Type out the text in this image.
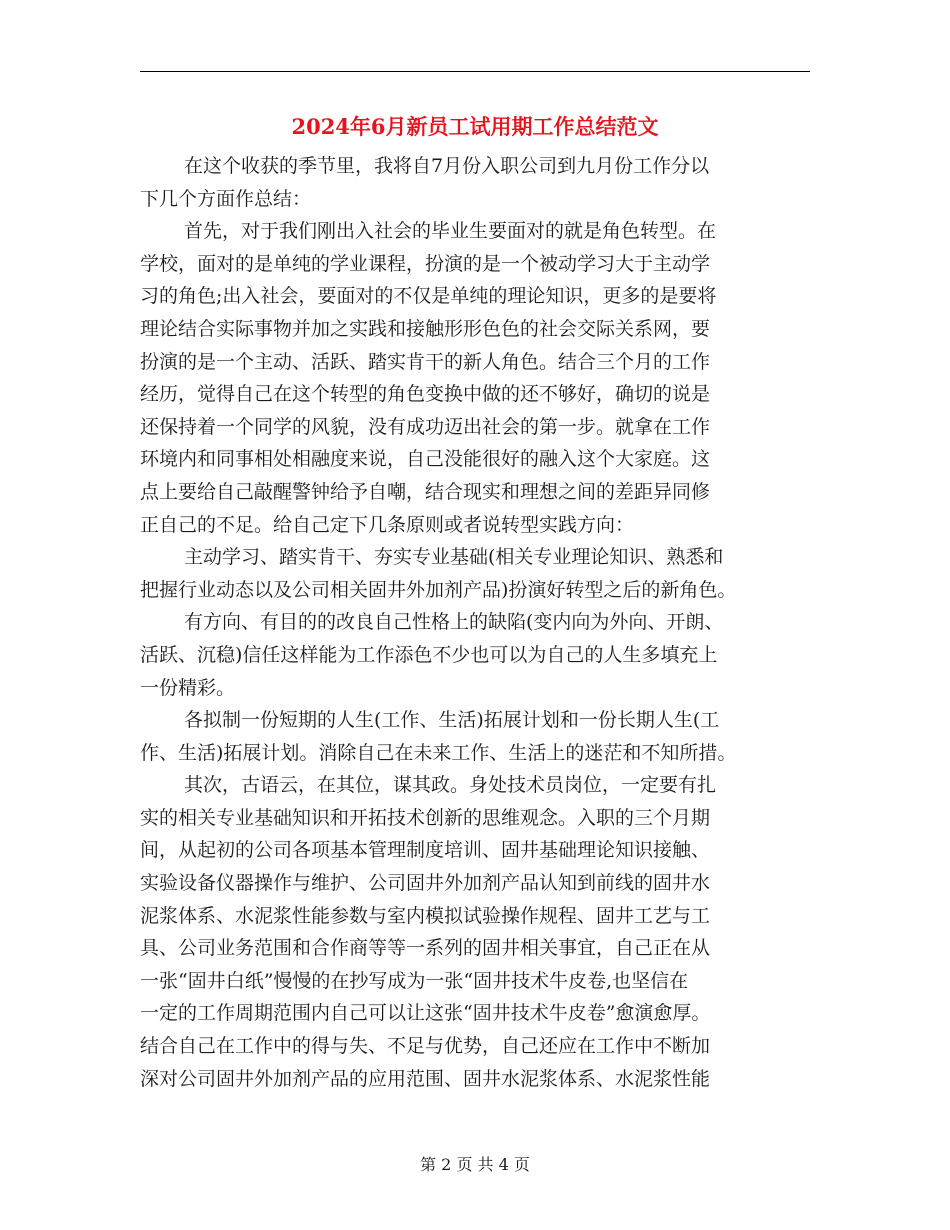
2024年6月新员工试用期工作总结范文

在这个收获的季节里，我将自7月份入职公司到九月份工作分以
下几个方面作总结：

首先，对于我们刚出入社会的毕业生要面对的就是角色转型。在
学校，面对的是单纯的学业课程，扮演的是一个被动学习大于主动学
习的角色;出入社会，要面对的不仅是单纯的理论知识，更多的是要将
理论结合实际事物并加之实践和接触形形色色的社会交际关系网，要
扮演的是一个主动、活跃、踏实肯干的新人角色。结合三个月的工作
经历，觉得自己在这个转型的角色变换中做的还不够好，确切的说是
还保持着一个同学的风貌，没有成功迈出社会的第一步。就拿在工作
环境内和同事相处相融度来说，自己没能很好的融入这个大家庭。这
点上要给自己敲醒警钟给予自嘲，结合现实和理想之间的差距异同修
正自己的不足。给自己定下几条原则或者说转型实践方向：

主动学习、踏实肯干、夯实专业基础(相关专业理论知识、熟悉和
把握行业动态以及公司相关固井外加剂产品)扮演好转型之后的新角色。

有方向、有目的的改良自己性格上的缺陷(变内向为外向、开朗、
活跃、沉稳)信任这样能为工作添色不少也可以为自己的人生多填充上
一份精彩。

各拟制一份短期的人生(工作、生活)拓展计划和一份长期人生(工
作、生活)拓展计划。消除自己在未来工作、生活上的迷茫和不知所措。

其次，古语云，在其位，谋其政。身处技术员岗位，一定要有扎
实的相关专业基础知识和开拓技术创新的思维观念。入职的三个月期
间，从起初的公司各项基本管理制度培训、固井基础理论知识接触、
实验设备仪器操作与维护、公司固井外加剂产品认知到前线的固井水
泥浆体系、水泥浆性能参数与室内模拟试验操作规程、固井工艺与工
具、公司业务范围和合作商等等一系列的固井相关事宜，自己正在从
一张“固井白纸”慢慢的在抄写成为一张“固井技术牛皮卷,也坚信在
一定的工作周期范围内自己可以让这张“固井技术牛皮卷”愈演愈厚。
结合自己在工作中的得与失、不足与优势，自己还应在工作中不断加
深对公司固井外加剂产品的应用范围、固井水泥浆体系、水泥浆性能

第 2 页 共 4 页
